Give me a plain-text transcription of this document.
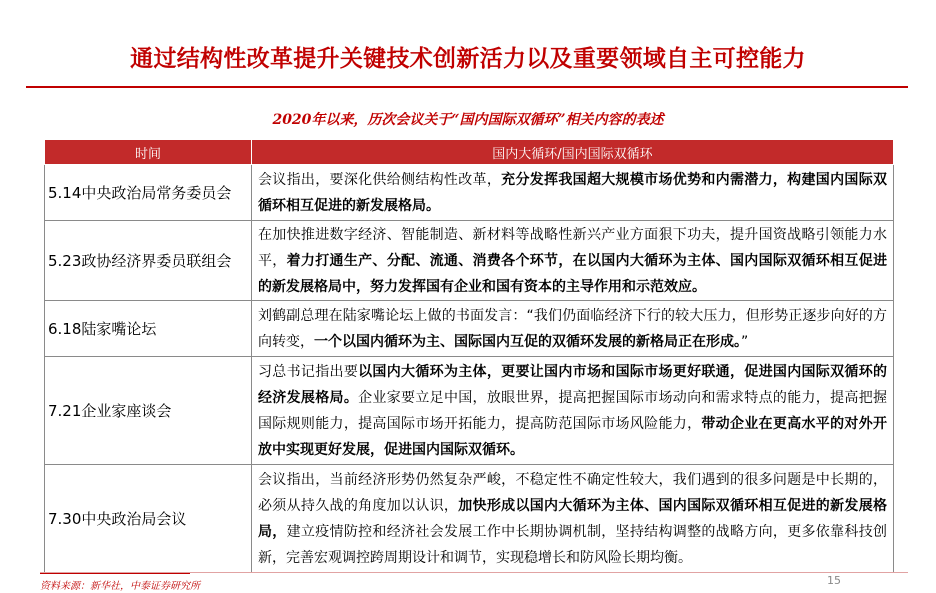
通过结构性改革提升关键技术创新活力以及重要领域自主可控能力
2020年以来，历次会议关于“国内国际双循环”相关内容的表述
时间	国内大循环/国内国际双循环
5.14中央政治局常务委员会	会议指出，要深化供给侧结构性改革，充分发挥我国超大规模市场优势和内需潜力，构建国内国际双循环相互促进的新发展格局。
5.23政协经济界委员联组会	在加快推进数字经济、智能制造、新材料等战略性新兴产业方面狠下功夫，提升国资战略引领能力水平，着力打通生产、分配、流通、消费各个环节，在以国内大循环为主体、国内国际双循环相互促进的新发展格局中，努力发挥国有企业和国有资本的主导作用和示范效应。
6.18陆家嘴论坛	刘鹤副总理在陆家嘴论坛上做的书面发言：“我们仍面临经济下行的较大压力，但形势正逐步向好的方向转变，一个以国内循环为主、国际国内互促的双循环发展的新格局正在形成。”
7.21企业家座谈会	习总书记指出要以国内大循环为主体，更要让国内市场和国际市场更好联通，促进国内国际双循环的经济发展格局。企业家要立足中国，放眼世界，提高把握国际市场动向和需求特点的能力，提高把握国际规则能力，提高国际市场开拓能力，提高防范国际市场风险能力，带动企业在更高水平的对外开放中实现更好发展，促进国内国际双循环。
7.30中央政治局会议	会议指出，当前经济形势仍然复杂严峻，不稳定性不确定性较大，我们遇到的很多问题是中长期的，必须从持久战的角度加以认识，加快形成以国内大循环为主体、国内国际双循环相互促进的新发展格局，建立疫情防控和经济社会发展工作中长期协调机制，坚持结构调整的战略方向，更多依靠科技创新，完善宏观调控跨周期设计和调节，实现稳增长和防风险长期均衡。
资料来源：新华社，中泰证券研究所	15
